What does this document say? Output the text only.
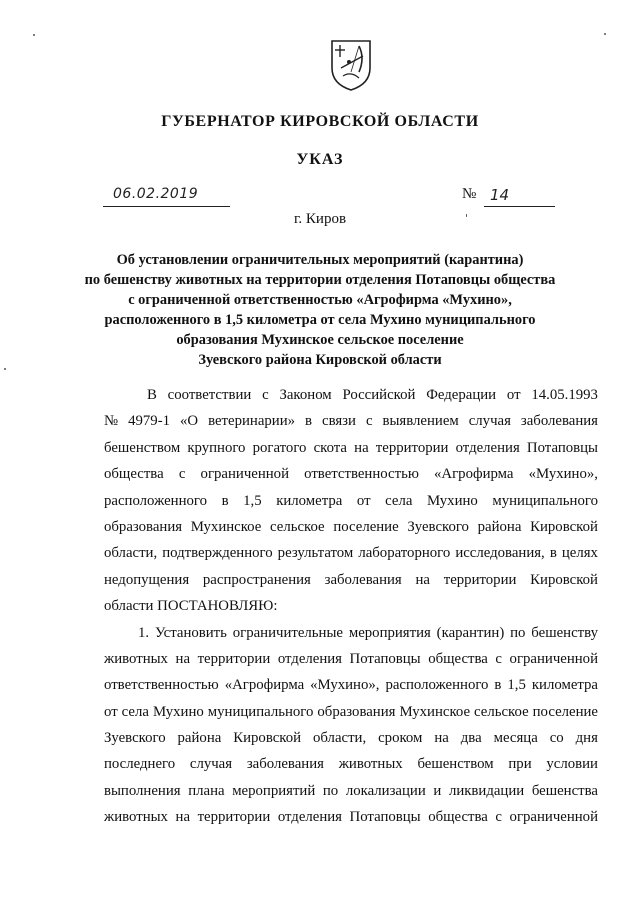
ГУБЕРНАТОР КИРОВСКОЙ ОБЛАСТИ
УКАЗ
06.02.2019	№ 14
г. Киров
Об установлении ограничительных мероприятий (карантина)
по бешенству животных на территории отделения Потаповцы общества
с ограниченной ответственностью «Агрофирма «Мухино»,
расположенного в 1,5 километра от села Мухино муниципального
образования Мухинское сельское поселение
Зуевского района Кировской области
В соответствии с Законом Российской Федерации от 14.05.1993
№ 4979-1 «О ветеринарии» в связи с выявлением случая заболевания
бешенством крупного рогатого скота на территории отделения Потаповцы
общества с ограниченной ответственностью «Агрофирма «Мухино»,
расположенного в 1,5 километра от села Мухино муниципального
образования Мухинское сельское поселение Зуевского района Кировской
области, подтвержденного результатом лабораторного исследования, в целях
недопущения распространения заболевания на территории Кировской
области ПОСТАНОВЛЯЮ:
1. Установить ограничительные мероприятия (карантин) по бешенству
животных на территории отделения Потаповцы общества с ограниченной
ответственностью «Агрофирма «Мухино», расположенного в 1,5 километра
от села Мухино муниципального образования Мухинское сельское поселение
Зуевского района Кировской области, сроком на два месяца со дня
последнего случая заболевания животных бешенством при условии
выполнения плана мероприятий по локализации и ликвидации бешенства
животных на территории отделения Потаповцы общества с ограниченной
